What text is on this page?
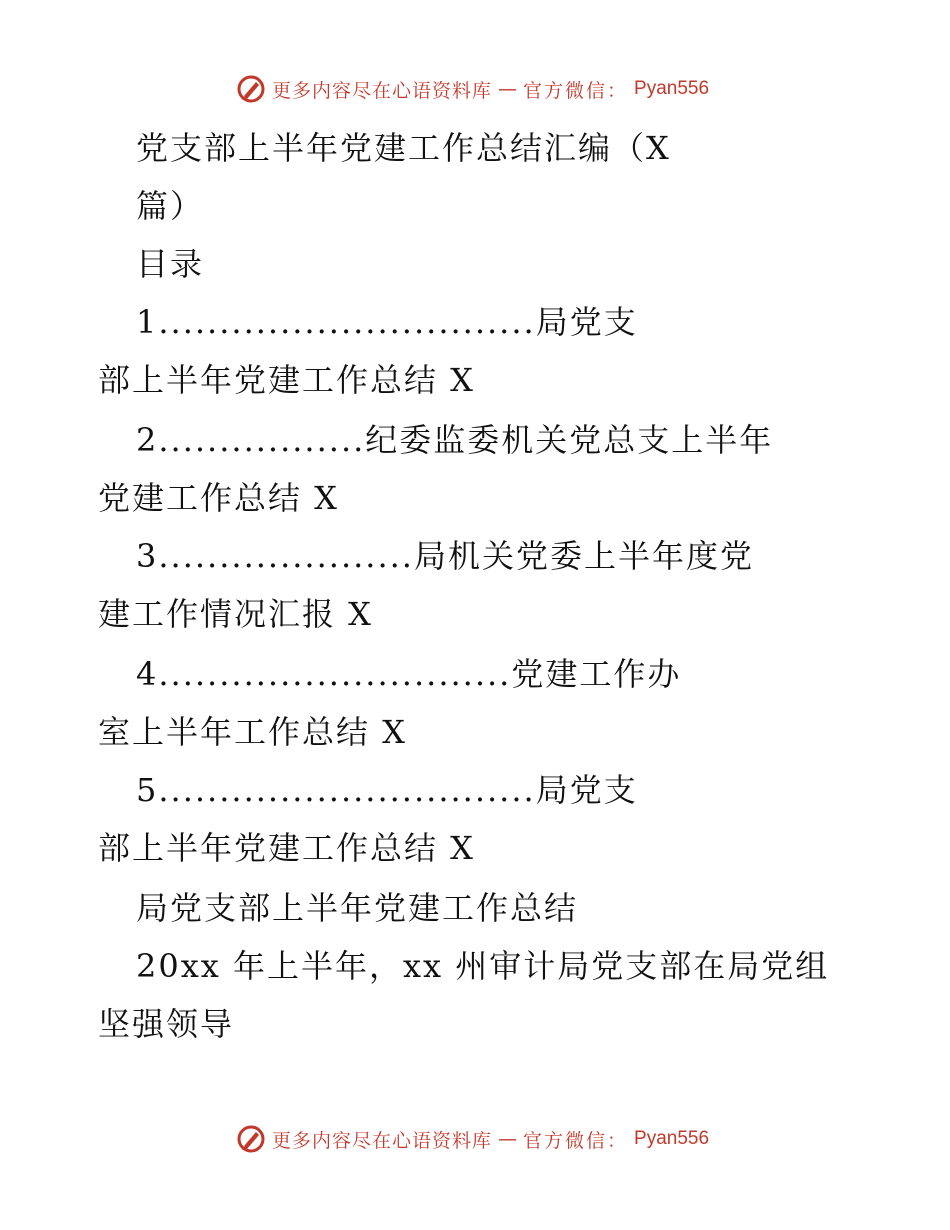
更多内容尽在心语资料库 — 官方微信： Pyan556
党支部上半年党建工作总结汇编（X
篇）
目录
1...............................局党支
部上半年党建工作总结 X
2.................纪委监委机关党总支上半年
党建工作总结 X
3.....................局机关党委上半年度党
建工作情况汇报 X
4.............................党建工作办
室上半年工作总结 X
5...............................局党支
部上半年党建工作总结 X
局党支部上半年党建工作总结
20xx 年上半年，xx 州审计局党支部在局党组
坚强领导
更多内容尽在心语资料库 — 官方微信： Pyan556
